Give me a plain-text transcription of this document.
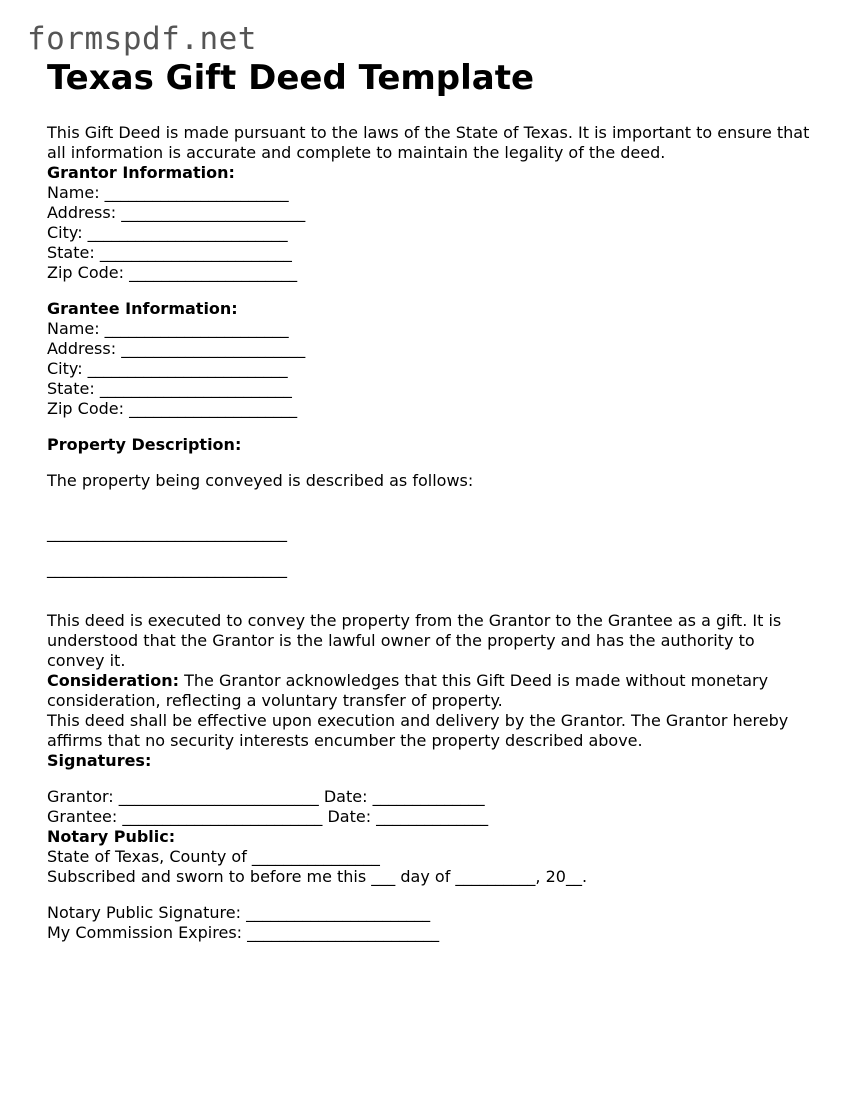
formspdf.net
Texas Gift Deed Template

This Gift Deed is made pursuant to the laws of the State of Texas. It is important to ensure that all information is accurate and complete to maintain the legality of the deed.

Grantor Information:
Name: _______________________
Address: _______________________
City: _________________________
State: ________________________
Zip Code: _____________________
Grantee Information:
Name: _______________________
Address: _______________________
City: _________________________
State: ________________________
Zip Code: _____________________
Property Description:
The property being conveyed is described as follows:
______________________________
______________________________

This deed is executed to convey the property from the Grantor to the Grantee as a gift. It is understood that the Grantor is the lawful owner of the property and has the authority to convey it.

Consideration: The Grantor acknowledges that this Gift Deed is made without monetary consideration, reflecting a voluntary transfer of property.

This deed shall be effective upon execution and delivery by the Grantor. The Grantor hereby affirms that no security interests encumber the property described above.

Signatures:
Grantor: _________________________ Date: ______________
Grantee: _________________________ Date: ______________
Notary Public:
State of Texas, County of ________________
Subscribed and sworn to before me this ___ day of __________, 20__.
Notary Public Signature: _______________________
My Commission Expires: ________________________
